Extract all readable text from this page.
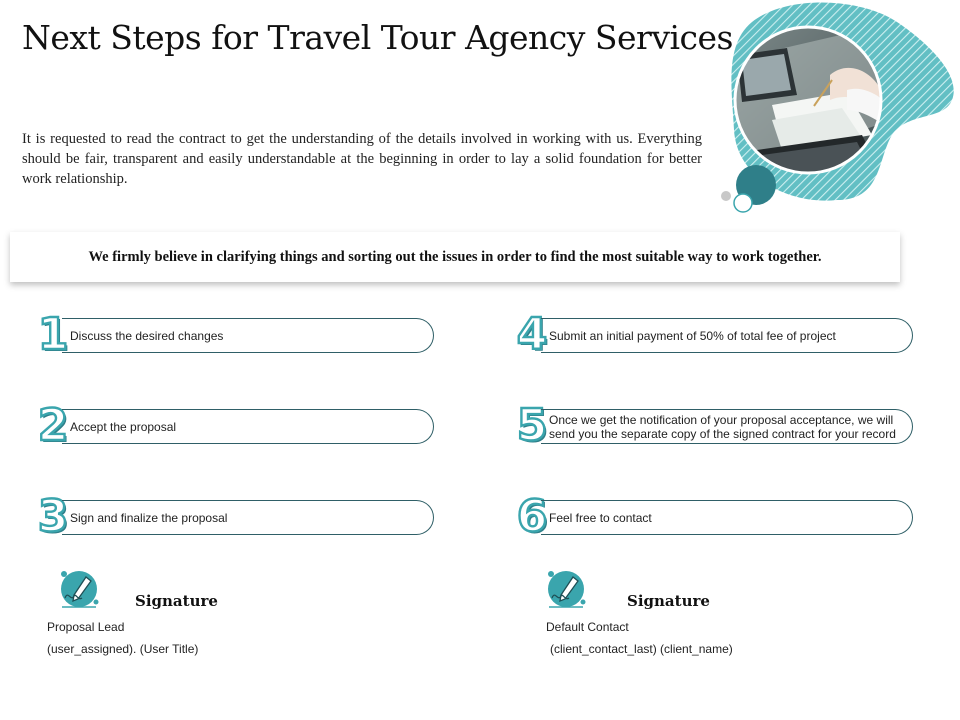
Next Steps for Travel Tour Agency Services
It is requested to read the contract to get the understanding of the details involved in working with us. Everything should be fair, transparent and easily understandable at the beginning in order to lay a solid foundation for better work relationship.
We firmly believe in clarifying things and sorting out the issues in order to find the most suitable way to work together.
1 Discuss the desired changes
2 Accept the proposal
3 Sign and finalize the proposal
4 Submit an initial payment of 50% of total fee of project
5 Once we get the notification of your proposal acceptance, we will send you the separate copy of the signed contract for your record
6 Feel free to contact
Signature
Proposal Lead
(user_assigned). (User Title)
Signature
Default Contact
(client_contact_last) (client_name)
